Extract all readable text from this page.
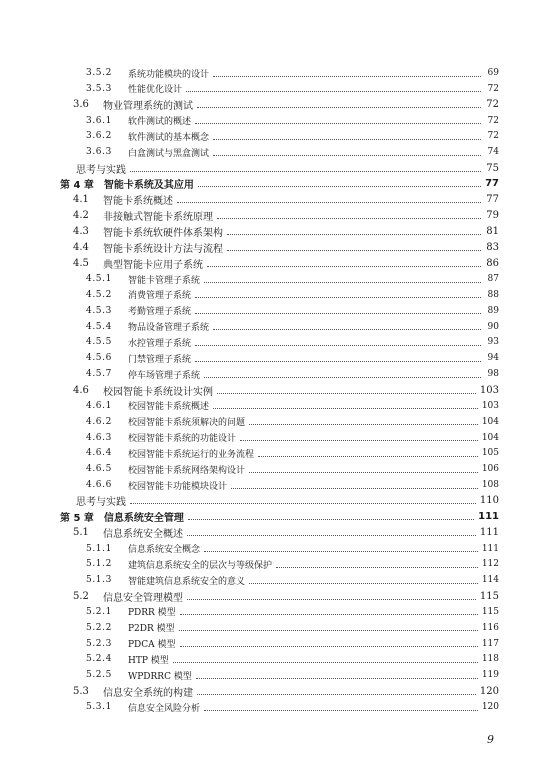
3.5.2	系统功能模块的设计	69
3.5.3	性能优化设计	72
3.6	物业管理系统的测试	72
3.6.1	软件测试的概述	72
3.6.2	软件测试的基本概念	72
3.6.3	白盒测试与黑盒测试	74
思考与实践	75
第 4 章	智能卡系统及其应用	77
4.1	智能卡系统概述	77
4.2	非接触式智能卡系统原理	79
4.3	智能卡系统软硬件体系架构	81
4.4	智能卡系统设计方法与流程	83
4.5	典型智能卡应用子系统	86
4.5.1	智能卡管理子系统	87
4.5.2	消费管理子系统	88
4.5.3	考勤管理子系统	89
4.5.4	物品设备管理子系统	90
4.5.5	水控管理子系统	93
4.5.6	门禁管理子系统	94
4.5.7	停车场管理子系统	98
4.6	校园智能卡系统设计实例	103
4.6.1	校园智能卡系统概述	103
4.6.2	校园智能卡系统须解决的问题	104
4.6.3	校园智能卡系统的功能设计	104
4.6.4	校园智能卡系统运行的业务流程	105
4.6.5	校园智能卡系统网络架构设计	106
4.6.6	校园智能卡功能模块设计	108
思考与实践	110
第 5 章	信息系统安全管理	111
5.1	信息系统安全概述	111
5.1.1	信息系统安全概念	111
5.1.2	建筑信息系统安全的层次与等级保护	112
5.1.3	智能建筑信息系统安全的意义	114
5.2	信息安全管理模型	115
5.2.1	PDRR 模型	115
5.2.2	P2DR 模型	116
5.2.3	PDCA 模型	117
5.2.4	HTP 模型	118
5.2.5	WPDRRC 模型	119
5.3	信息安全系统的构建	120
5.3.1	信息安全风险分析	120
9
